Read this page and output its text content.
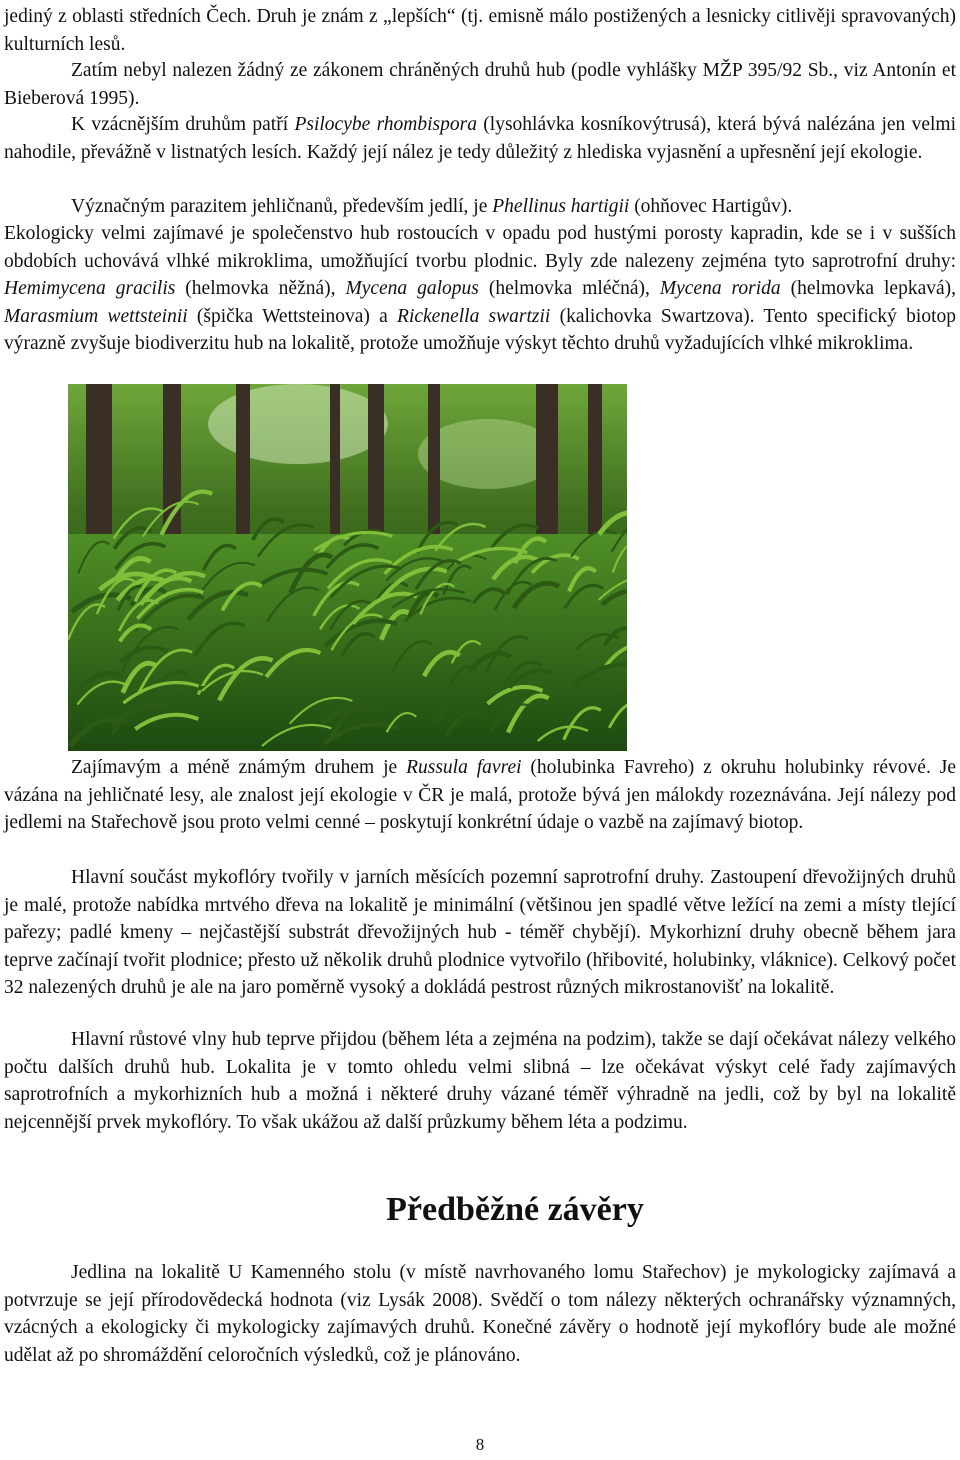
jediný z oblasti středních Čech. Druh je znám z „lepších“ (tj. emisně málo postižených a lesnicky citlivěji spravovaných) kulturních lesů.

Zatím nebyl nalezen žádný ze zákonem chráněných druhů hub (podle vyhlášky MŽP 395/92 Sb., viz Antonín et Bieberová 1995).

K vzácnějším druhům patří Psilocybe rhombispora (lysohlávka kosníkovýtrusá), která bývá nalézána jen velmi nahodile, převážně v listnatých lesích. Každý její nález je tedy důležitý z hlediska vyjasnění a upřesnění její ekologie.

Význačným parazitem jehličnanů, především jedlí, je Phellinus hartigii (ohňovec Hartigův).

Ekologicky velmi zajímavé je společenstvo hub rostoucích v opadu pod hustými porosty kapradin, kde se i v sušších obdobích uchovává vlhké mikroklima, umožňující tvorbu plodnic. Byly zde nalezeny zejména tyto saprotrofní druhy: Hemimycena gracilis (helmovka něžná), Mycena galopus (helmovka mléčná), Mycena rorida (helmovka lepkavá), Marasmium wettsteinii (špička Wettsteinova) a Rickenella swartzii (kalichovka Swartzova). Tento specifický biotop výrazně zvyšuje biodiverzitu hub na lokalitě, protože umožňuje výskyt těchto druhů vyžadujících vlhké mikroklima.

Zajímavým a méně známým druhem je Russula favrei (holubinka Favreho) z okruhu holubinky révové. Je vázána na jehličnaté lesy, ale znalost její ekologie v ČR je malá, protože bývá jen málokdy rozeznávána. Její nálezy pod jedlemi na Stařechově jsou proto velmi cenné – poskytují konkrétní údaje o vazbě na zajímavý biotop.

Hlavní součást mykoflóry tvořily v jarních měsících pozemní saprotrofní druhy. Zastoupení dřevožijných druhů je malé, protože nabídka mrtvého dřeva na lokalitě je minimální (většinou jen spadlé větve ležící na zemi a místy tlející pařezy; padlé kmeny – nejčastější substrát dřevožijných hub - téměř chybějí). Mykorhizní druhy obecně během jara teprve začínají tvořit plodnice; přesto už několik druhů plodnice vytvořilo (hřibovité, holubinky, vláknice). Celkový počet 32 nalezených druhů je ale na jaro poměrně vysoký a dokládá pestrost různých mikrostanovišť na lokalitě.

Hlavní růstové vlny hub teprve přijdou (během léta a zejména na podzim), takže se dají očekávat nálezy velkého počtu dalších druhů hub. Lokalita je v tomto ohledu velmi slibná – lze očekávat výskyt celé řady zajímavých saprotrofních a mykorhizních hub a možná i některé druhy vázané téměř výhradně na jedli, což by byl na lokalitě nejcennější prvek mykoflóry. To však ukážou až další průzkumy během léta a podzimu.

Předběžné závěry

Jedlina na lokalitě U Kamenného stolu (v místě navrhovaného lomu Stařechov) je mykologicky zajímavá a potvrzuje se její přírodovědecká hodnota (viz Lysák 2008). Svědčí o tom nálezy některých ochranářsky významných, vzácných a ekologicky či mykologicky zajímavých druhů. Konečné závěry o hodnotě její mykoflóry bude ale možné udělat až po shromáždění celoročních výsledků, což je plánováno.

8
